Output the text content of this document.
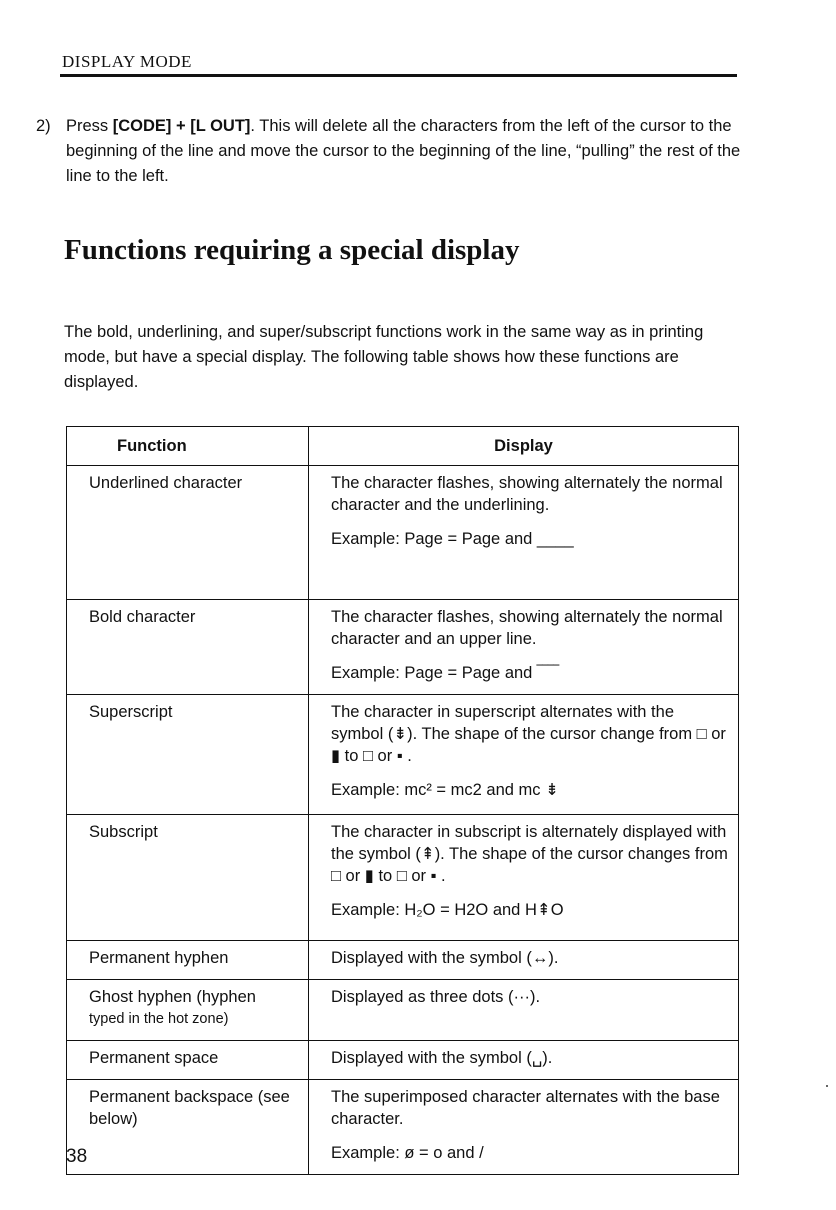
DISPLAY MODE
2) Press [CODE] + [L OUT]. This will delete all the characters from the left of the cursor to the beginning of the line and move the cursor to the beginning of the line, “pulling” the rest of the line to the left.
Functions requiring a special display
The bold, underlining, and super/subscript functions work in the same way as in printing mode, but have a special display. The following table shows how these functions are displayed.
Function	Display
Underlined character	The character flashes, showing alternately the normal character and the underlining.
Example: Page = Page and ____

Bold character	The character flashes, showing alternately the normal character and an upper line.
Example: Page = Page and ‾‾‾‾

Superscript	The character in superscript alternates with the symbol (⇟). The shape of the cursor change from □ or ▮ to □ or ▪ .
Example: mc² = mc2 and mc ⇟

Subscript	The character in subscript is alternately displayed with the symbol (⇞). The shape of the cursor changes from □ or ▮ to □ or ▪ .
Example: H₂O = H2O and H⇞O

Permanent hyphen	Displayed with the symbol (↔).

Ghost hyphen (hyphen
typed in the hot zone)	Displayed as three dots (···).
Permanent space	Displayed with the symbol (␣).
Permanent backspace (see below)	The superimposed character alternates with the base character.
Example: ø = o and /
38
